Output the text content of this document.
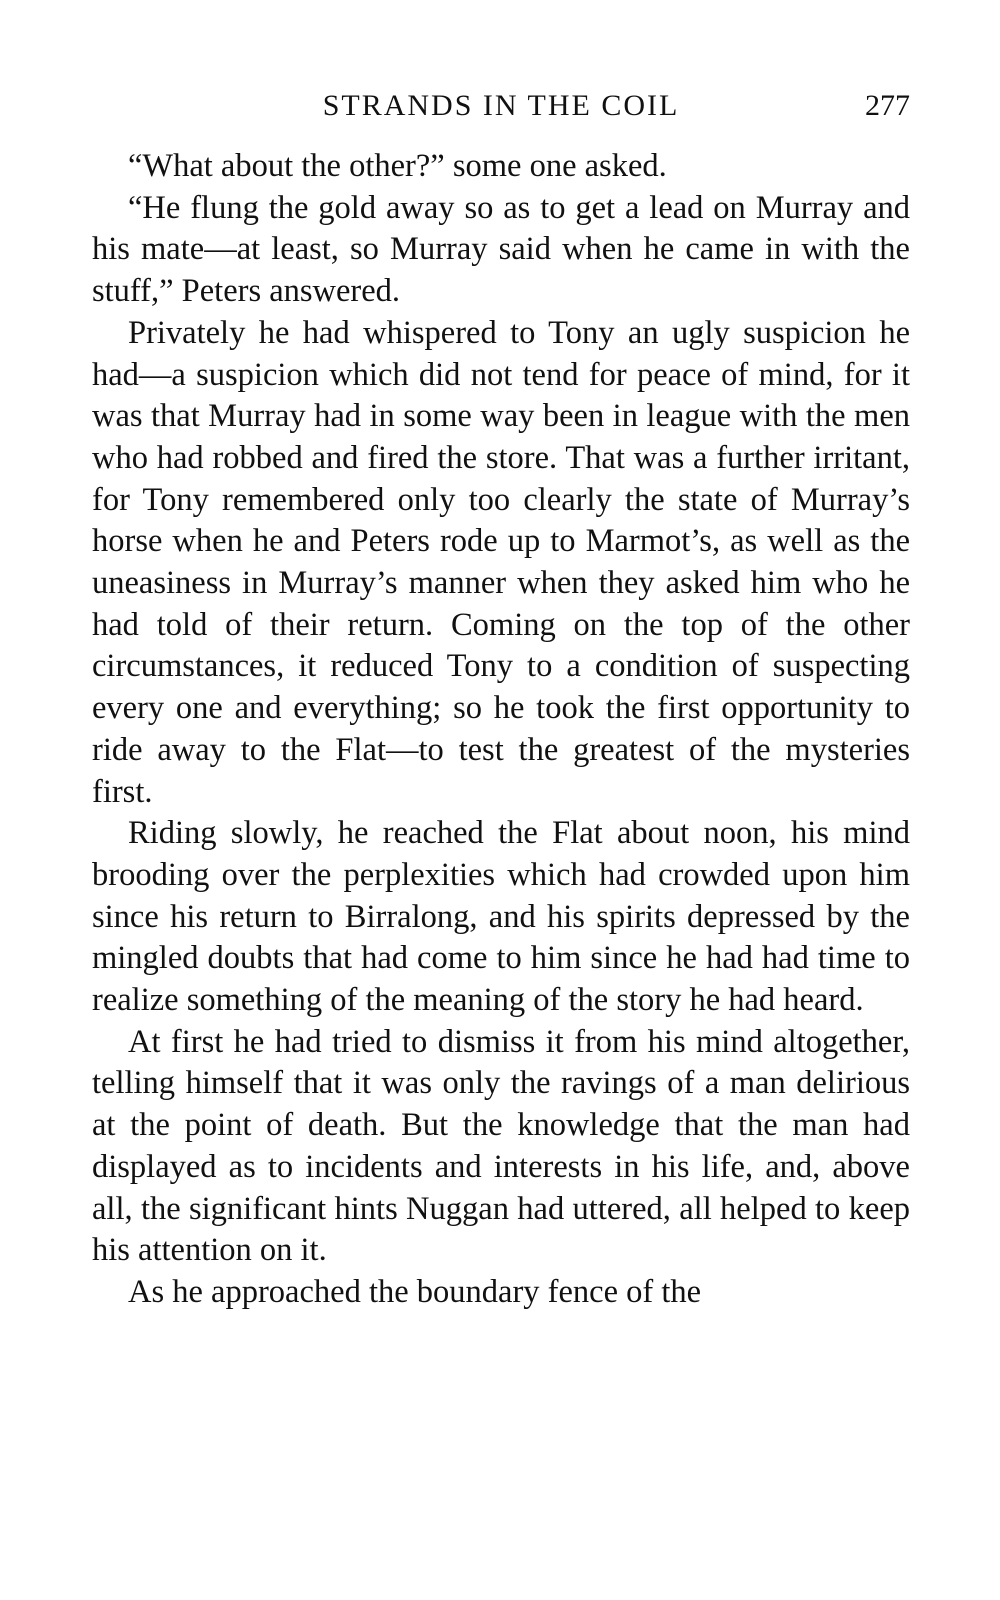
STRANDS IN THE COIL	277

“What about the other?” some one asked.

“He flung the gold away so as to get a lead on Murray and his mate—at least, so Murray said when he came in with the stuff,” Peters answered.

Privately he had whispered to Tony an ugly suspicion he had—a suspicion which did not tend for peace of mind, for it was that Murray had in some way been in league with the men who had robbed and fired the store. That was a further irritant, for Tony remembered only too clearly the state of Murray’s horse when he and Peters rode up to Marmot’s, as well as the uneasiness in Murray’s manner when they asked him who he had told of their return. Coming on the top of the other circumstances, it reduced Tony to a condition of suspecting every one and everything; so he took the first opportunity to ride away to the Flat—to test the greatest of the mysteries first.

Riding slowly, he reached the Flat about noon, his mind brooding over the perplexities which had crowded upon him since his return to Birralong, and his spirits depressed by the mingled doubts that had come to him since he had had time to realize something of the meaning of the story he had heard.

At first he had tried to dismiss it from his mind altogether, telling himself that it was only the ravings of a man delirious at the point of death. But the knowledge that the man had displayed as to incidents and interests in his life, and, above all, the significant hints Nuggan had uttered, all helped to keep his attention on it.

As he approached the boundary fence of the
